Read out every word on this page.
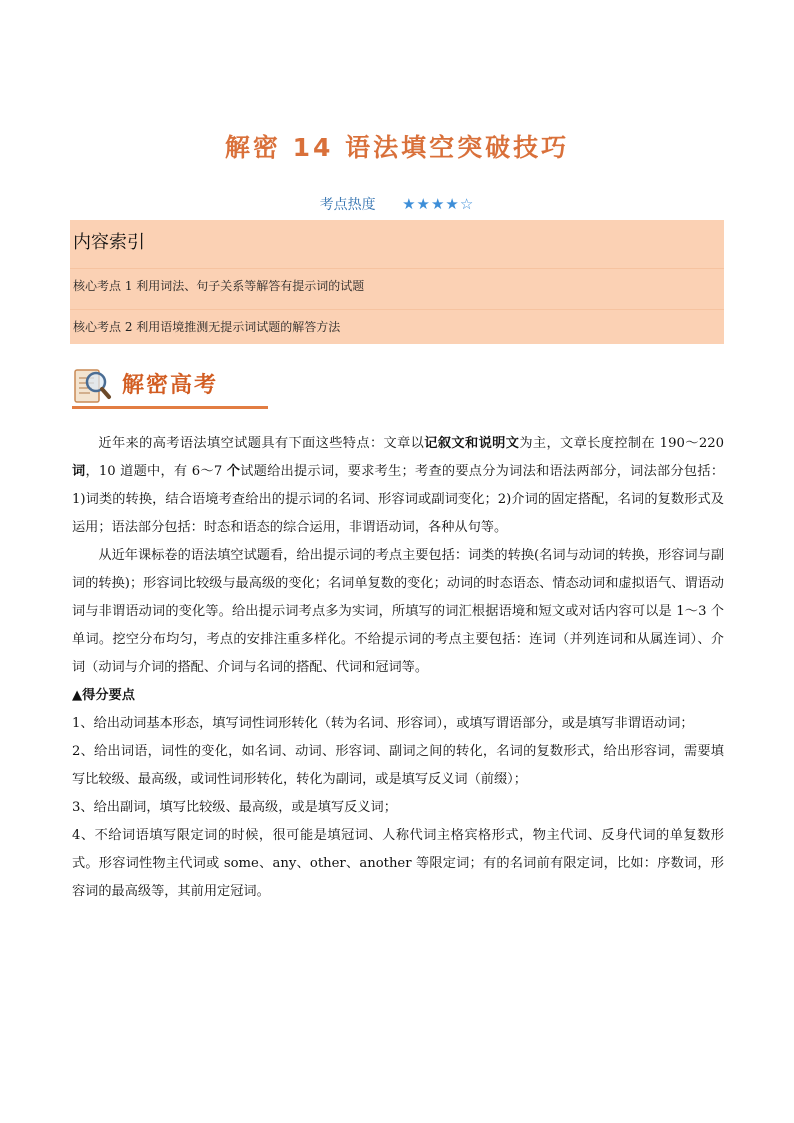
解密 14 语法填空突破技巧
考点热度 ★★★★☆
内容索引
核心考点 1 利用词法、句子关系等解答有提示词的试题
核心考点 2 利用语境推测无提示词试题的解答方法
解密高考

近年来的高考语法填空试题具有下面这些特点：文章以记叙文和说明文为主，文章长度控制在 190～220 词，10 道题中，有 6～7 个试题给出提示词，要求考生；考查的要点分为词法和语法两部分，词法部分包括：1)词类的转换，结合语境考查给出的提示词的名词、形容词或副词变化；2)介词的固定搭配，名词的复数形式及运用；语法部分包括：时态和语态的综合运用，非谓语动词，各种从句等。

从近年课标卷的语法填空试题看，给出提示词的考点主要包括：词类的转换(名词与动词的转换，形容词与副词的转换)；形容词比较级与最高级的变化；名词单复数的变化；动词的时态语态、情态动词和虚拟语气、谓语动词与非谓语动词的变化等。给出提示词考点多为实词，所填写的词汇根据语境和短文或对话内容可以是 1～3 个单词。挖空分布均匀，考点的安排注重多样化。不给提示词的考点主要包括：连词（并列连词和从属连词）、介词（动词与介词的搭配、介词与名词的搭配、代词和冠词等。

▲得分要点

1、给出动词基本形态，填写词性词形转化（转为名词、形容词），或填写谓语部分，或是填写非谓语动词；

2、给出词语，词性的变化，如名词、动词、形容词、副词之间的转化，名词的复数形式，给出形容词，需要填写比较级、最高级，或词性词形转化，转化为副词，或是填写反义词（前缀）；

3、给出副词，填写比较级、最高级，或是填写反义词；

4、不给词语填写限定词的时候，很可能是填冠词、人称代词主格宾格形式，物主代词、反身代词的单复数形式。形容词性物主代词或 some、any、other、another 等限定词；有的名词前有限定词，比如：序数词，形容词的最高级等，其前用定冠词。
